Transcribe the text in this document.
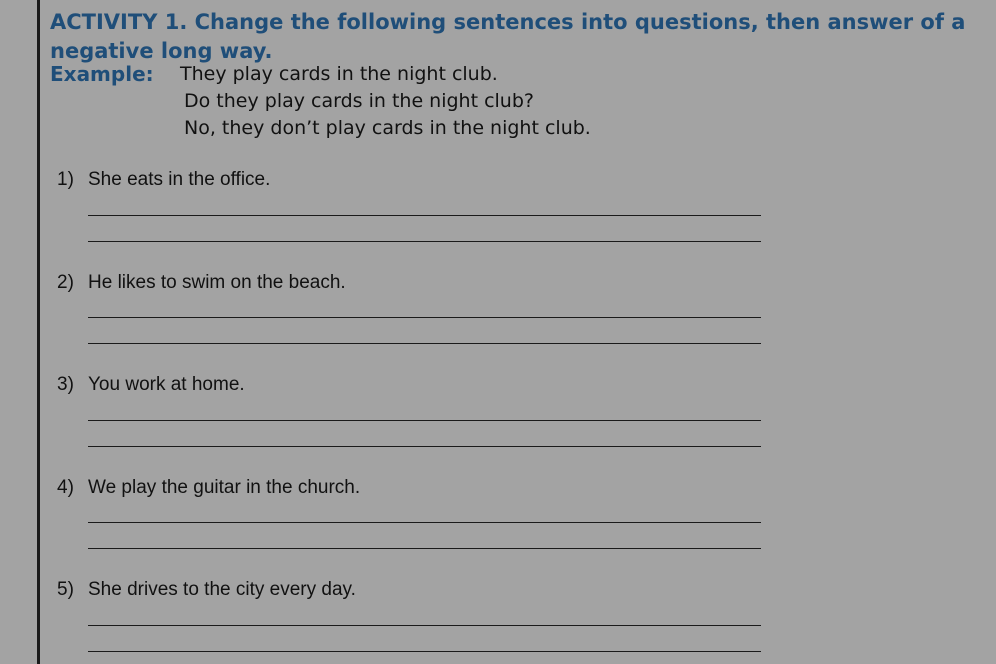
ACTIVITY 1. Change the following sentences into questions, then answer of a negative long way.
Example: They play cards in the night club.
Do they play cards in the night club?
No, they don’t play cards in the night club.
1) She eats in the office.
2) He likes to swim on the beach.
3) You work at home.
4) We play the guitar in the church.
5) She drives to the city every day.
